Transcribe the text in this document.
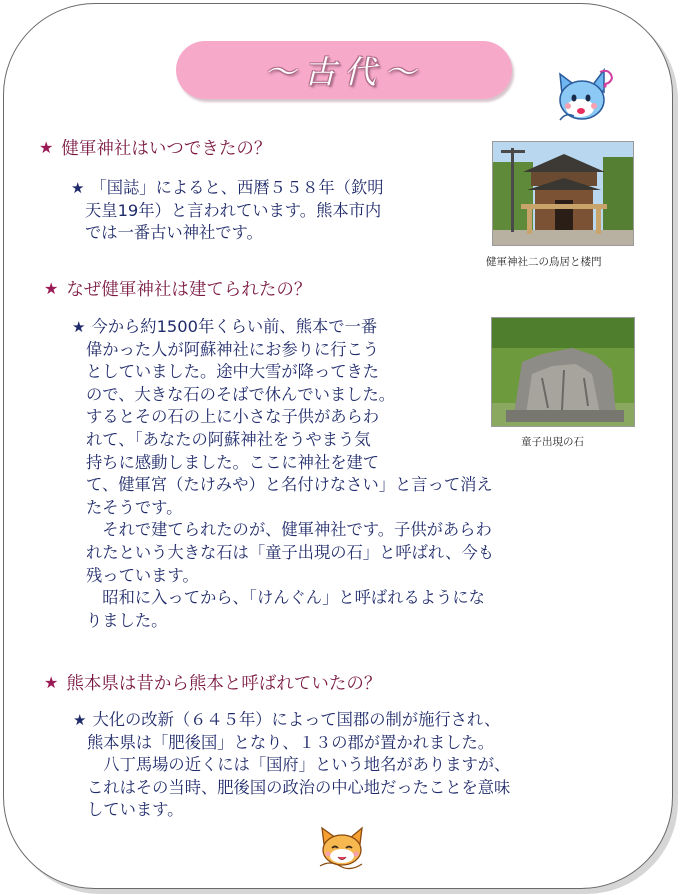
～古代～
★ 健軍神社はいつできたの？
★ 「国誌」によると、西暦５５８年（欽明
天皇19年）と言われています。熊本市内
では一番古い神社です。
健軍神社二の鳥居と楼門
★ なぜ健軍神社は建てられたの？
★ 今から約1500年くらい前、熊本で一番
偉かった人が阿蘇神社にお参りに行こう
としていました。途中大雪が降ってきた
ので、大きな石のそばで休んでいました。
するとその石の上に小さな子供があらわ
れて、「あなたの阿蘇神社をうやまう気
持ちに感動しました。ここに神社を建て
て、健軍宮（たけみや）と名付けなさい」と言って消え
たそうです。
　それで建てられたのが、健軍神社です。子供があらわ
れたという大きな石は「童子出現の石」と呼ばれ、今も
残っています。
　昭和に入ってから、「けんぐん」と呼ばれるようにな
りました。
童子出現の石
★ 熊本県は昔から熊本と呼ばれていたの？
★ 大化の改新（６４５年）によって国郡の制が施行され、
熊本県は「肥後国」となり、１３の郡が置かれました。
　八丁馬場の近くには「国府」という地名がありますが、
これはその当時、肥後国の政治の中心地だったことを意味
しています。
